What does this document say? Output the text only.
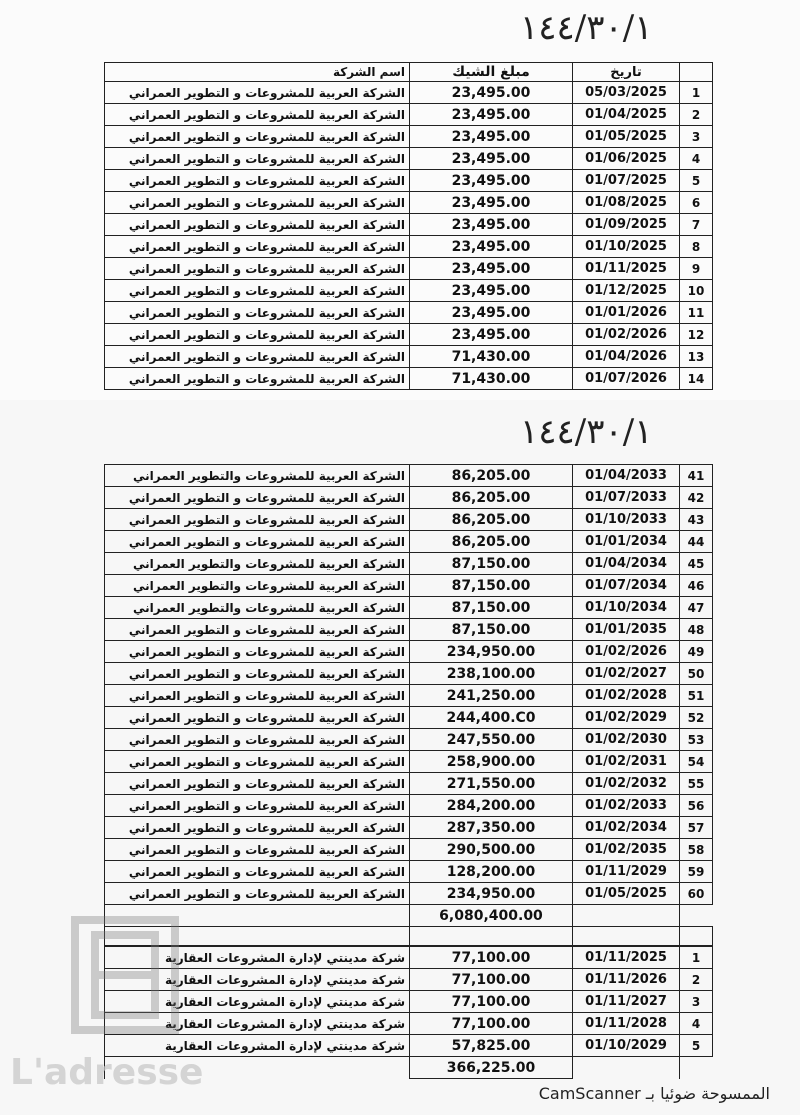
١٤٤/٣٠/١
اسم الشركة	مبلغ الشيك	تاريخ	
الشركة العربية للمشروعات و التطوير العمراني	23,495.00	05/03/2025	1
الشركة العربية للمشروعات و التطوير العمراني	23,495.00	01/04/2025	2
الشركة العربية للمشروعات و التطوير العمراني	23,495.00	01/05/2025	3
الشركة العربية للمشروعات و التطوير العمراني	23,495.00	01/06/2025	4
الشركة العربية للمشروعات و التطوير العمراني	23,495.00	01/07/2025	5
الشركة العربية للمشروعات و التطوير العمراني	23,495.00	01/08/2025	6
الشركة العربية للمشروعات و التطوير العمراني	23,495.00	01/09/2025	7
الشركة العربية للمشروعات و التطوير العمراني	23,495.00	01/10/2025	8
الشركة العربية للمشروعات و التطوير العمراني	23,495.00	01/11/2025	9
الشركة العربية للمشروعات و التطوير العمراني	23,495.00	01/12/2025	10
الشركة العربية للمشروعات و التطوير العمراني	23,495.00	01/01/2026	11
الشركة العربية للمشروعات و التطوير العمراني	23,495.00	01/02/2026	12
الشركة العربية للمشروعات و التطوير العمراني	71,430.00	01/04/2026	13
الشركة العربية للمشروعات و التطوير العمراني	71,430.00	01/07/2026	14
١٤٤/٣٠/١
الشركة العربية للمشروعات والتطوير العمراني	86,205.00	01/04/2033	41
الشركة العربية للمشروعات و التطوير العمراني	86,205.00	01/07/2033	42
الشركة العربية للمشروعات و التطوير العمراني	86,205.00	01/10/2033	43
الشركة العربية للمشروعات و التطوير العمراني	86,205.00	01/01/2034	44
الشركة العربية للمشروعات والتطوير العمراني	87,150.00	01/04/2034	45
الشركة العربية للمشروعات والتطوير العمراني	87,150.00	01/07/2034	46
الشركة العربية للمشروعات والتطوير العمراني	87,150.00	01/10/2034	47
الشركة العربية للمشروعات و التطوير العمراني	87,150.00	01/01/2035	48
الشركة العربية للمشروعات و التطوير العمراني	234,950.00	01/02/2026	49
الشركة العربية للمشروعات و التطوير العمراني	238,100.00	01/02/2027	50
الشركة العربية للمشروعات و التطوير العمراني	241,250.00	01/02/2028	51
الشركة العربية للمشروعات و التطوير العمراني	244,400.C0	01/02/2029	52
الشركة العربية للمشروعات و التطوير العمراني	247,550.00	01/02/2030	53
الشركة العربية للمشروعات و التطوير العمراني	258,900.00	01/02/2031	54
الشركة العربية للمشروعات و التطوير العمراني	271,550.00	01/02/2032	55
الشركة العربية للمشروعات و التطوير العمراني	284,200.00	01/02/2033	56
الشركة العربية للمشروعات و التطوير العمراني	287,350.00	01/02/2034	57
الشركة العربية للمشروعات و التطوير العمراني	290,500.00	01/02/2035	58
الشركة العربية للمشروعات و التطوير العمراني	128,200.00	01/11/2029	59
الشركة العربية للمشروعات و التطوير العمراني	234,950.00	01/05/2025	60
	6,080,400.00		

شركة مدينتي لإدارة المشروعات العقارية	77,100.00	01/11/2025	1
شركة مدينتي لإدارة المشروعات العقارية	77,100.00	01/11/2026	2
شركة مدينتي لإدارة المشروعات العقارية	77,100.00	01/11/2027	3
شركة مدينتي لإدارة المشروعات العقارية	77,100.00	01/11/2028	4
شركة مدينتي لإدارة المشروعات العقارية	57,825.00	01/10/2029	5
	366,225.00		
L'adresse
الممسوحة ضوئيا بـ CamScanner
